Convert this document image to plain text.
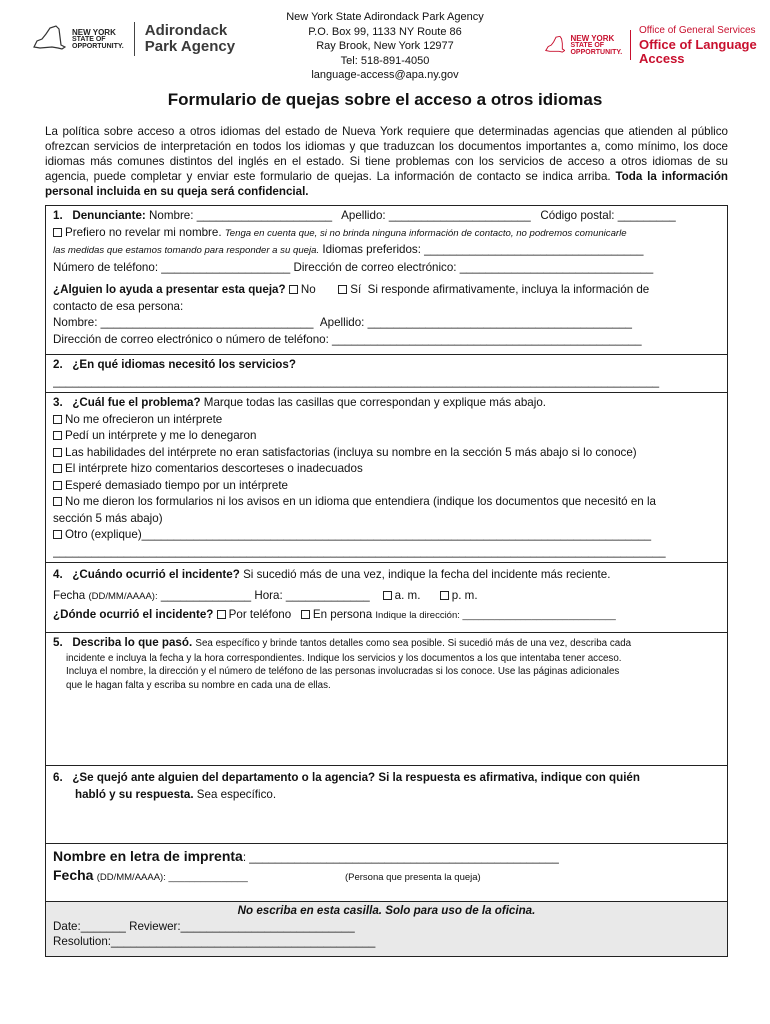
NEW YORK
STATE OF
OPPORTUNITY.
Adirondack
Park Agency
New York State Adirondack Park Agency
P.O. Box 99, 1133 NY Route 86
Ray Brook, New York 12977
Tel: 518-891-4050
language-access@apa.ny.gov
NEW YORK
STATE OF
OPPORTUNITY.
Office of General Services
Office of Language Access
Formulario de quejas sobre el acceso a otros idiomas
La política sobre acceso a otros idiomas del estado de Nueva York requiere que determinadas agencias que atienden al público ofrezcan servicios de interpretación en todos los idiomas y que traduzcan los documentos importantes a, como mínimo, los doce idiomas más comunes distintos del inglés en el estado. Si tiene problemas con los servicios de acceso a otros idiomas de su agencia, puede completar y enviar este formulario de quejas. La información de contacto se indica arriba. Toda la información personal incluida en su queja será confidencial.
1. Denunciante: Nombre: _____________________ Apellido: ______________________ Código postal: _________
Prefiero no revelar mi nombre. Tenga en cuenta que, si no brinda ninguna información de contacto, no podremos comunicarle
las medidas que estamos tomando para responder a su queja. Idiomas preferidos: __________________________________
Número de teléfono: ____________________ Dirección de correo electrónico: ______________________________
¿Alguien lo ayuda a presentar esta queja? No	Sí Si responde afirmativamente, incluya la información de
contacto de esa persona:
Nombre: _________________________________ Apellido: _________________________________________
Dirección de correo electrónico o número de teléfono: ________________________________________________
2. ¿En qué idiomas necesitó los servicios?
______________________________________________________________________________________________
3. ¿Cuál fue el problema? Marque todas las casillas que correspondan y explique más abajo.
No me ofrecieron un intérprete
Pedí un intérprete y me lo denegaron
Las habilidades del intérprete no eran satisfactorias (incluya su nombre en la sección 5 más abajo si lo conoce)
El intérprete hizo comentarios descorteses o inadecuados
Esperé demasiado tiempo por un intérprete
No me dieron los formularios ni los avisos en un idioma que entendiera (indique los documentos que necesitó en la
sección 5 más abajo)
Otro (explique)_______________________________________________________________________________
_______________________________________________________________________________________________
4. ¿Cuándo ocurrió el incidente? Si sucedió más de una vez, indique la fecha del incidente más reciente.
Fecha (DD/MM/AAAA): ______________ Hora: _____________ a. m.	p. m.
¿Dónde ocurrió el incidente? Por teléfono En persona Indique la dirección: _____________________________
5. Describa lo que pasó. Sea específico y brinde tantos detalles como sea posible. Si sucedió más de una vez, describa cada
incidente e incluya la fecha y la hora correspondientes. Indique los servicios y los documentos a los que intentaba tener acceso.
Incluya el nombre, la dirección y el número de teléfono de las personas involucradas si los conoce. Use las páginas adicionales
que le hagan falta y escriba su nombre en cada una de ellas.
6. ¿Se quejó ante alguien del departamento o la agencia? Si la respuesta es afirmativa, indique con quién
habló y su respuesta. Sea específico.
Nombre en letra de imprenta: ________________________________________________
Fecha (DD/MM/AAAA): _______________	(Persona que presenta la queja)
No escriba en esta casilla. Solo para uso de la oficina.
Date:_______ Reviewer:___________________________
Resolution:_________________________________________
